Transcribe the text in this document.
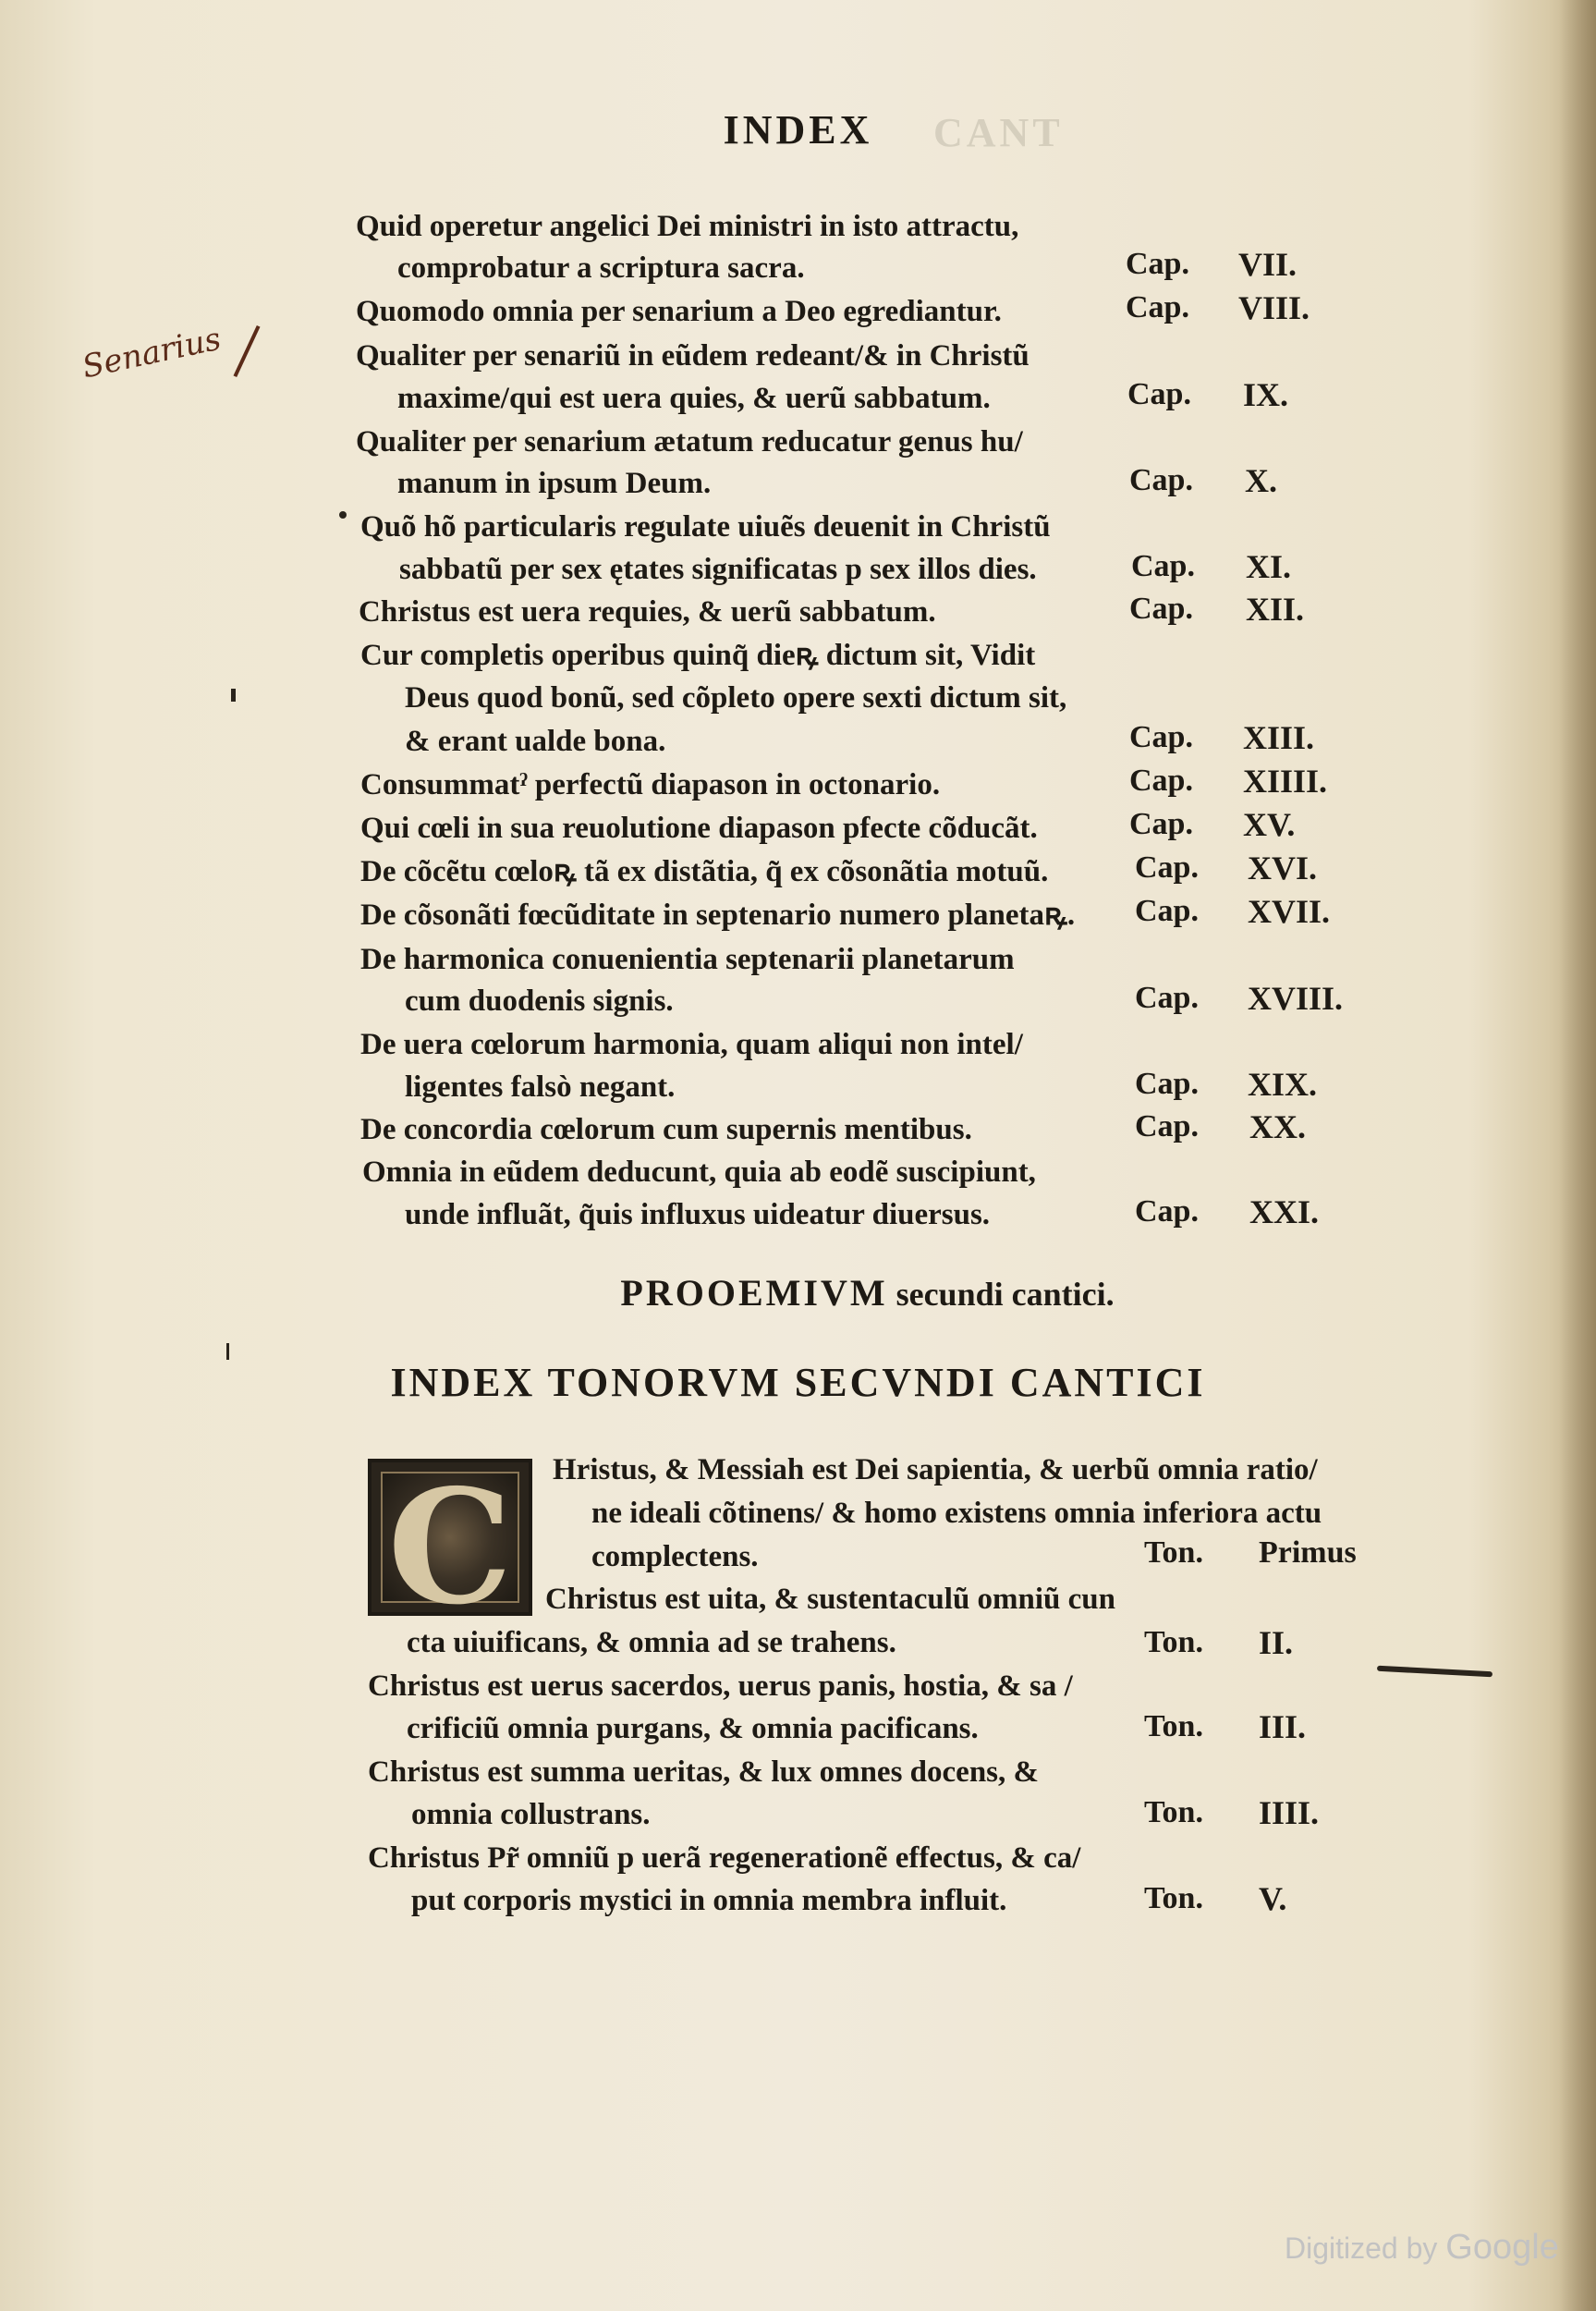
CANT
INDEX
Quid operetur angelici Dei ministri in isto attractu,
comprobatur a scriptura sacra.	Cap. VII.
Quomodo omnia per senarium a Deo egrediantur.	Cap. VIII.
Qualiter per senariũ in eũdem redeant/& in Christũ
maxime/qui est uera quies, & uerũ sabbatum.	Cap. IX.
Qualiter per senarium ætatum reducatur genus hu/
manum in ipsum Deum.	Cap. X.
Quõ hõ particularis regulate uiuẽs deuenit in Christũ
sabbatũ per sex ętates significatas p sex illos dies.	Cap. XI.
Christus est uera requies, & uerũ sabbatum.	Cap. XII.
Cur completis operibus quinq̃ dieꝶ dictum sit, Vidit
Deus quod bonũ, sed cõpleto opere sexti dictum sit,
& erant ualde bona.	Cap. XIII.
Consummatˀ perfectũ diapason in octonario.	Cap. XIIII.
Qui cœli in sua reuolutione diapason pfecte cõducãt.	Cap. XV.
De cõcẽtu cœloꝶ tã ex distãtia, q̃ ex cõsonãtia motuũ.	Cap. XVI.
De cõsonãti fœcũditate in septenario numero planetaꝶ. Cap. XVII.
De harmonica conuenientia septenarii planetarum
cum duodenis signis.	Cap. XVIII.
De uera cœlorum harmonia, quam aliqui non intel/
ligentes falsò negant.	Cap. XIX.
De concordia cœlorum cum supernis mentibus.	Cap. XX.
Omnia in eũdem deducunt, quia ab eodẽ suscipiunt,
unde influãt, q̃uis influxus uideatur diuersus.	Cap. XXI.
PROOEMIVM secundi cantici.
INDEX TONORVM SECVNDI CANTICI
C Hristus, & Messiah est Dei sapientia, & uerbũ omnia ratio/
ne ideali cõtinens/ & homo existens omnia inferiora actu
complectens.	Ton. Primus
Christus est uita, & sustentaculũ omniũ cun
cta uiuificans, & omnia ad se trahens.	Ton. II.
Christus est uerus sacerdos, uerus panis, hostia, & sa /
crificiũ omnia purgans, & omnia pacificans.	Ton. III.
Christus est summa ueritas, & lux omnes docens, &
omnia collustrans.	Ton. IIII.
Christus Pr̃ omniũ p uerã regenerationẽ effectus, & ca/
put corporis mystici in omnia membra influit.	Ton. V.
Senarius
Digitized by Google
